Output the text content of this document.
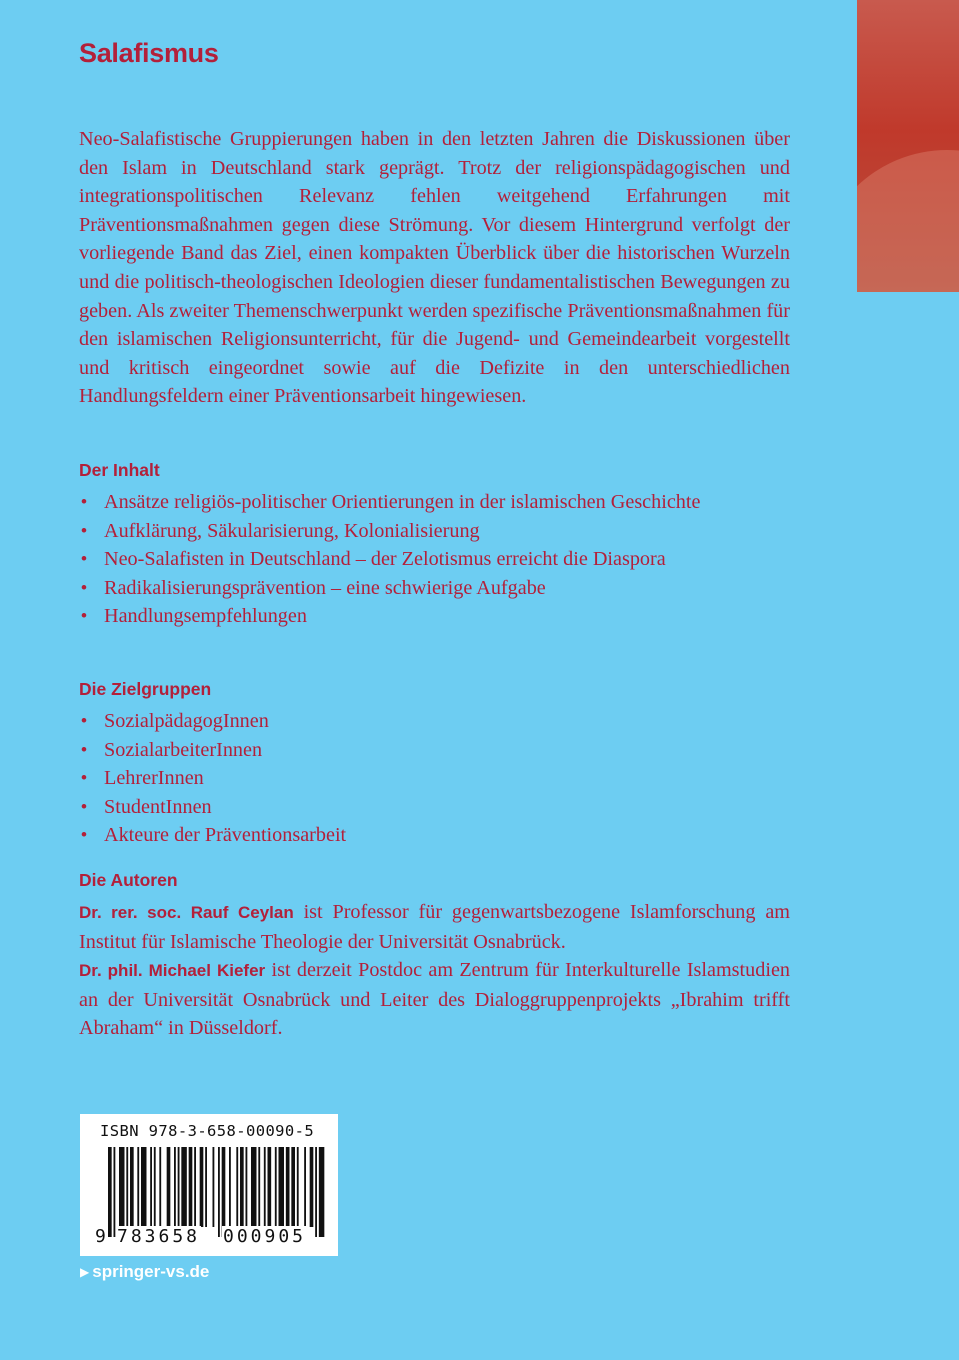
Salafismus

Neo-Salafistische Gruppierungen haben in den letzten Jahren die Diskussionen über den Islam in Deutschland stark geprägt. Trotz der religionspädagogischen und integrationspolitischen Relevanz fehlen weitgehend Erfahrungen mit Präventionsmaßnahmen gegen diese Strömung. Vor diesem Hintergrund verfolgt der vorliegende Band das Ziel, einen kompakten Überblick über die historischen Wurzeln und die politisch-theologischen Ideologien dieser fundamentalistischen Bewegungen zu geben. Als zweiter Themenschwerpunkt werden spezifische Präventionsmaßnahmen für den islamischen Religionsunterricht, für die Jugend- und Gemeindearbeit vorgestellt und kritisch eingeordnet sowie auf die Defizite in den unterschiedlichen Handlungsfeldern einer Präventionsarbeit hingewiesen.

Der Inhalt
• Ansätze religiös-politischer Orientierungen in der islamischen Geschichte
• Aufklärung, Säkularisierung, Kolonialisierung
• Neo-Salafisten in Deutschland – der Zelotismus erreicht die Diaspora
• Radikalisierungsprävention – eine schwierige Aufgabe
• Handlungsempfehlungen
Die Zielgruppen
• SozialpädagogInnen
• SozialarbeiterInnen
• LehrerInnen
• StudentInnen
• Akteure der Präventionsarbeit
Die Autoren

Dr. rer. soc. Rauf Ceylan ist Professor für gegenwartsbezogene Islamforschung am Institut für Islamische Theologie der Universität Osnabrück.
Dr. phil. Michael Kiefer ist derzeit Postdoc am Zentrum für Interkulturelle Islamstudien an der Universität Osnabrück und Leiter des Dialoggruppenprojekts „Ibrahim trifft Abraham“ in Düsseldorf.

ISBN 978-3-658-00090-5
9 783658 000905
▶ springer-vs.de
